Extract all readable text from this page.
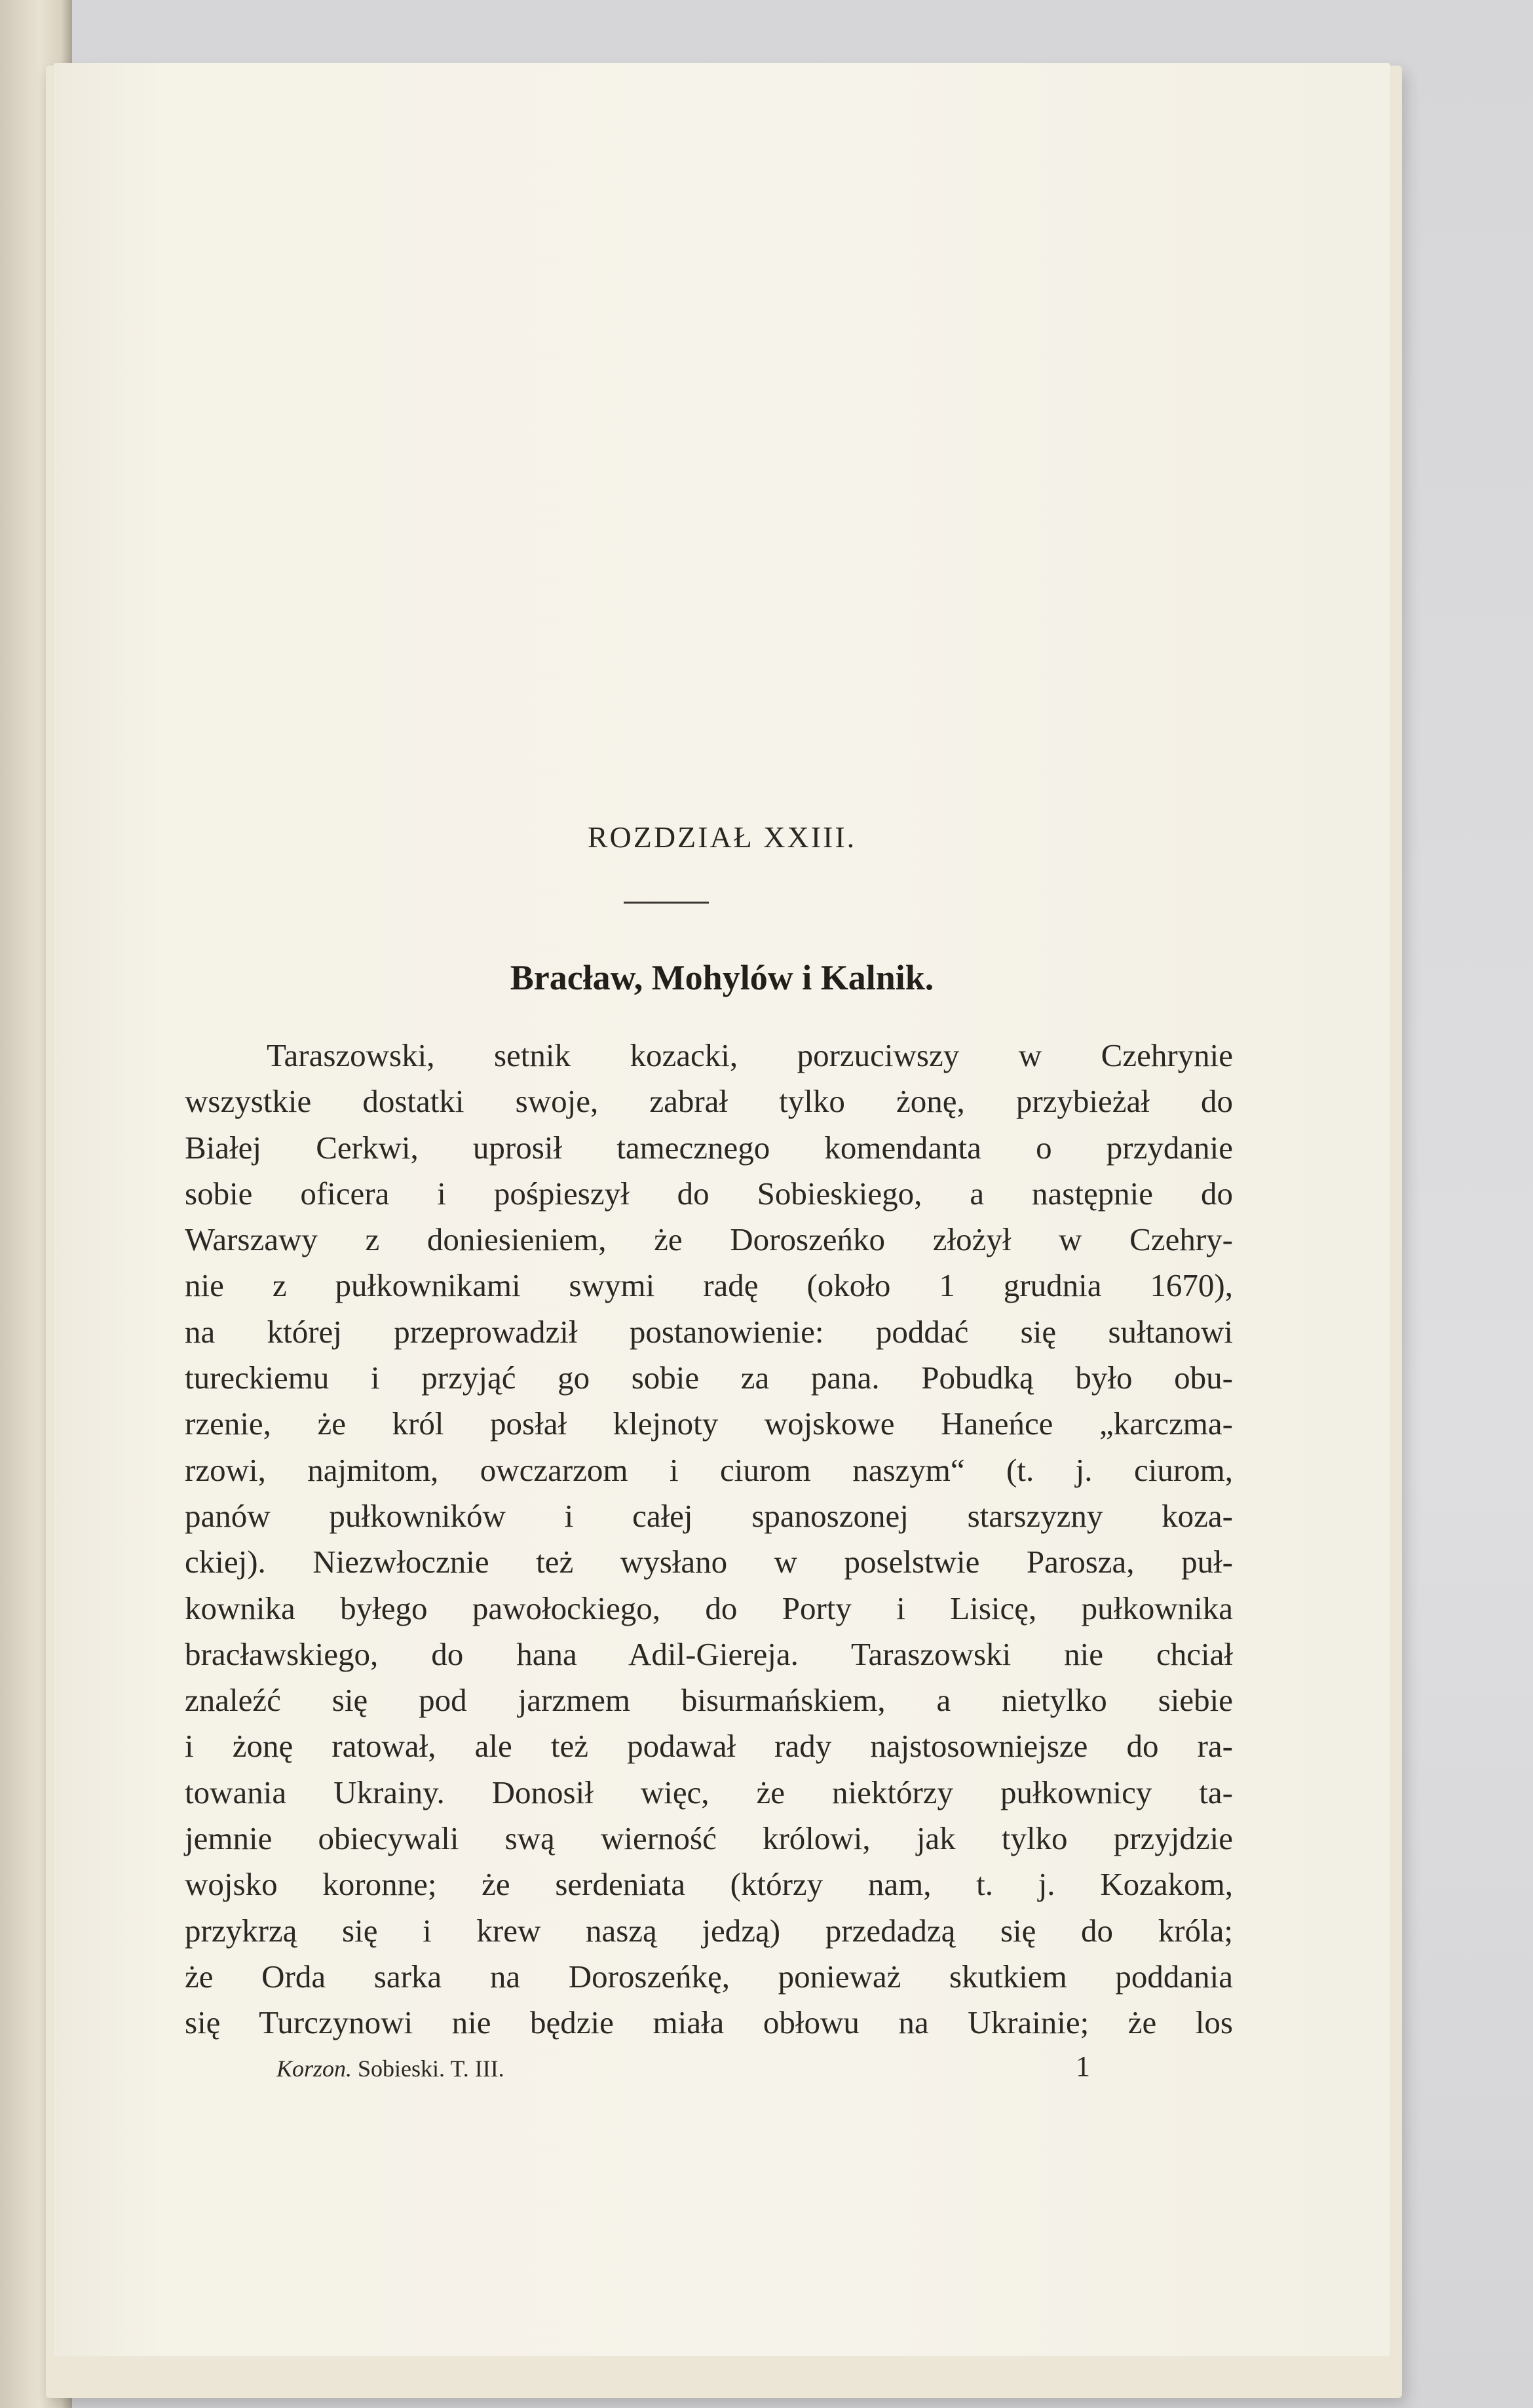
ROZDZIAŁ XXIII.
Bracław, Mohylów i Kalnik.
Taraszowski, setnik kozacki, porzuciwszy w Czehrynie
wszystkie dostatki swoje, zabrał tylko żonę, przybieżał do
Białej Cerkwi, uprosił tamecznego komendanta o przydanie
sobie oficera i pośpieszył do Sobieskiego, a następnie do
Warszawy z doniesieniem, że Doroszeńko złożył w Czehry-
nie z pułkownikami swymi radę (około 1 grudnia 1670),
na której przeprowadził postanowienie: poddać się sułtanowi
tureckiemu i przyjąć go sobie za pana. Pobudką było obu-
rzenie, że król posłał klejnoty wojskowe Haneńce „karczma-
rzowi, najmitom, owczarzom i ciurom naszym“ (t. j. ciurom,
panów pułkowników i całej spanoszonej starszyzny koza-
ckiej). Niezwłocznie też wysłano w poselstwie Parosza, puł-
kownika byłego pawołockiego, do Porty i Lisicę, pułkownika
bracławskiego, do hana Adil-Giereja. Taraszowski nie chciał
znaleźć się pod jarzmem bisurmańskiem, a nietylko siebie
i żonę ratował, ale też podawał rady najstosowniejsze do ra-
towania Ukrainy. Donosił więc, że niektórzy pułkownicy ta-
jemnie obiecywali swą wierność królowi, jak tylko przyjdzie
wojsko koronne; że serdeniata (którzy nam, t. j. Kozakom,
przykrzą się i krew naszą jedzą) przedadzą się do króla;
że Orda sarka na Doroszeńkę, ponieważ skutkiem poddania
się Turczynowi nie będzie miała obłowu na Ukrainie; że los
Korzon. Sobieski. T. III.	1
